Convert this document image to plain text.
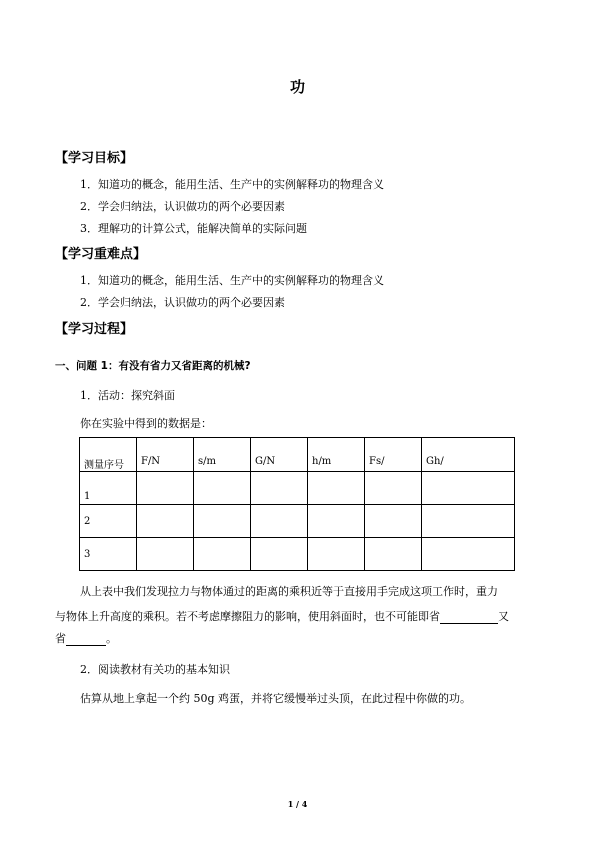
功
【学习目标】
1．知道功的概念，能用生活、生产中的实例解释功的物理含义
2．学会归纳法，认识做功的两个必要因素
3．理解功的计算公式，能解决简单的实际问题
【学习重难点】
1．知道功的概念，能用生活、生产中的实例解释功的物理含义
2．学会归纳法，认识做功的两个必要因素
【学习过程】
一、问题 1：有没有省力又省距离的机械?
1．活动：探究斜面
你在实验中得到的数据是：
测量序号	F/N	s/m	G/N	h/m	Fs/	Gh/
1						
2						
3						
从上表中我们发现拉力与物体通过的距离的乘积近等于直接用手完成这项工作时，重力
与物体上升高度的乘积。若不考虑摩擦阻力的影响，使用斜面时，也不可能即省	又
省	。
2．阅读教材有关功的基本知识
估算从地上拿起一个约 50g 鸡蛋，并将它缓慢举过头顶，在此过程中你做的功。
1 / 4
